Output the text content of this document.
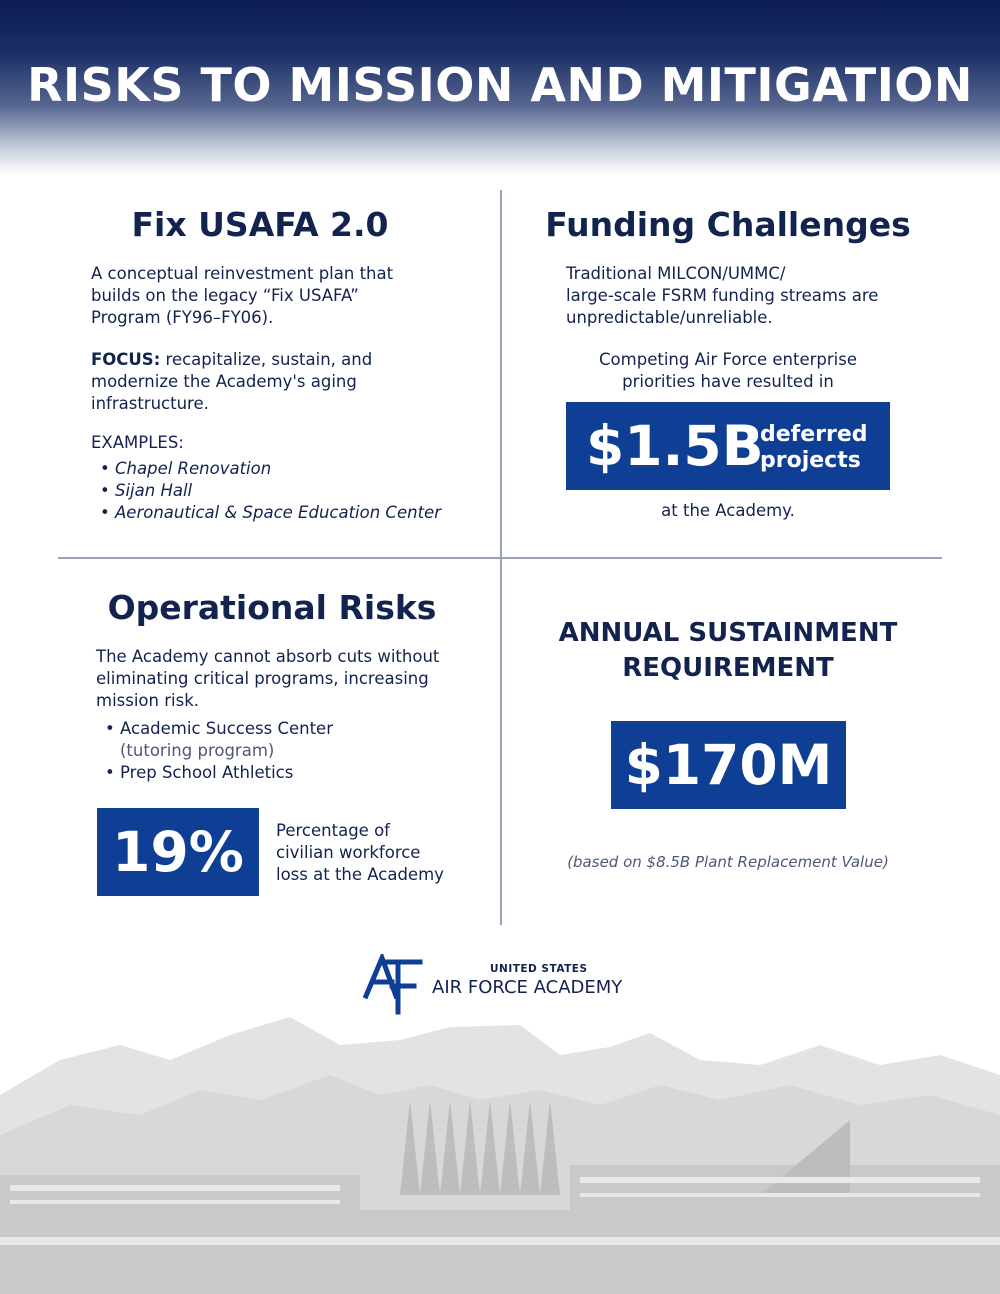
RISKS TO MISSION AND MITIGATION
Fix USAFA 2.0

A conceptual reinvestment plan that
builds on the legacy “Fix USAFA”
Program (FY96–FY06).

FOCUS: recapitalize, sustain, and
modernize the Academy's aging
infrastructure.

EXAMPLES:

• Chapel Renovation
• Sijan Hall
• Aeronautical & Space Education Center
Funding Challenges

Traditional MILCON/UMMC/
large-scale FSRM funding streams are
unpredictable/unreliable.

Competing Air Force enterprise
priorities have resulted in

$1.5B
deferred
projects

at the Academy.

Operational Risks

The Academy cannot absorb cuts without
eliminating critical programs, increasing
mission risk.

• Academic Success Center
(tutoring program)
• Prep School Athletics
19%	Percentage of
civilian workforce
loss at the Academy

ANNUAL SUSTAINMENT
REQUIREMENT
$170M

(based on $8.5B Plant Replacement Value)

UNITED STATES
AIR FORCE ACADEMY
